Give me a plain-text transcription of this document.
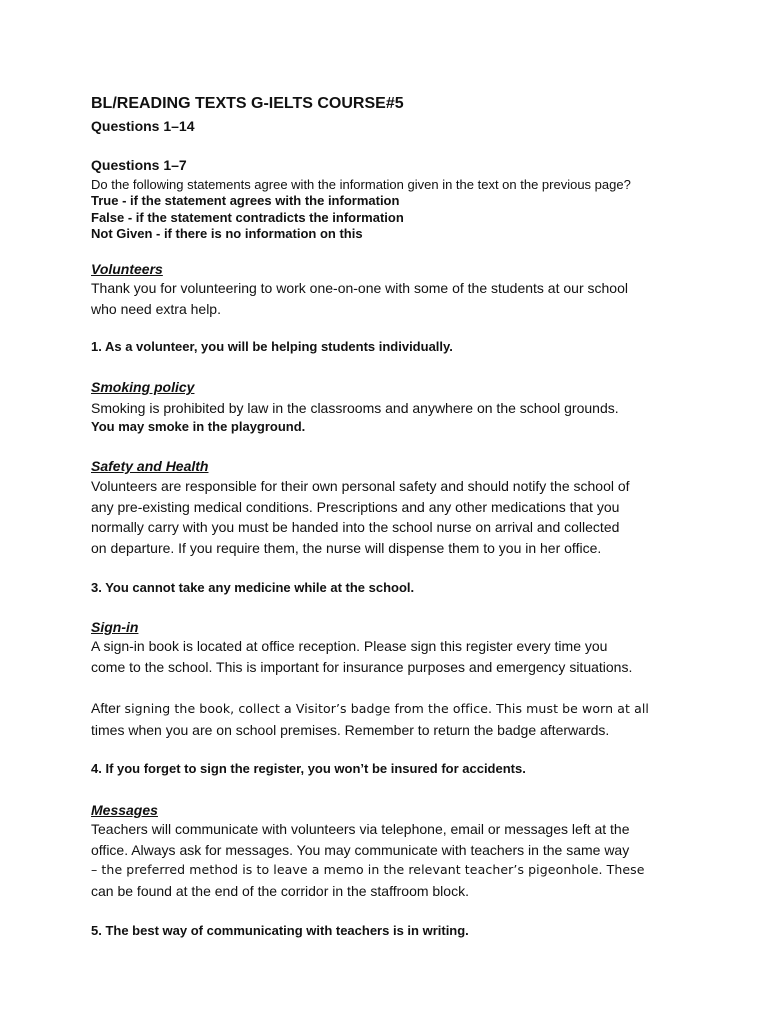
BL/READING TEXTS G-IELTS COURSE#5
Questions 1–14
Questions 1–7

Do the following statements agree with the information given in the text on the previous page?

True - if the statement agrees with the information

False - if the statement contradicts the information

Not Given - if there is no information on this

Volunteers
Thank you for volunteering to work one-on-one with some of the students at our school
who need extra help.

1. As a volunteer, you will be helping students individually.

Smoking policy
Smoking is prohibited by law in the classrooms and anywhere on the school grounds.

You may smoke in the playground.

Safety and Health
Volunteers are responsible for their own personal safety and should notify the school of
any pre-existing medical conditions. Prescriptions and any other medications that you
normally carry with you must be handed into the school nurse on arrival and collected
on departure. If you require them, the nurse will dispense them to you in her office.

3. You cannot take any medicine while at the school.

Sign-in
A sign-in book is located at office reception. Please sign this register every time you
come to the school. This is important for insurance purposes and emergency situations.
After signing the book, collect a Visitor’s badge from the office. This must be worn at all
times when you are on school premises. Remember to return the badge afterwards.

4. If you forget to sign the register, you won’t be insured for accidents.

Messages
Teachers will communicate with volunteers via telephone, email or messages left at the
office. Always ask for messages. You may communicate with teachers in the same way
– the preferred method is to leave a memo in the relevant teacher’s pigeonhole. These
can be found at the end of the corridor in the staffroom block.

5. The best way of communicating with teachers is in writing.
